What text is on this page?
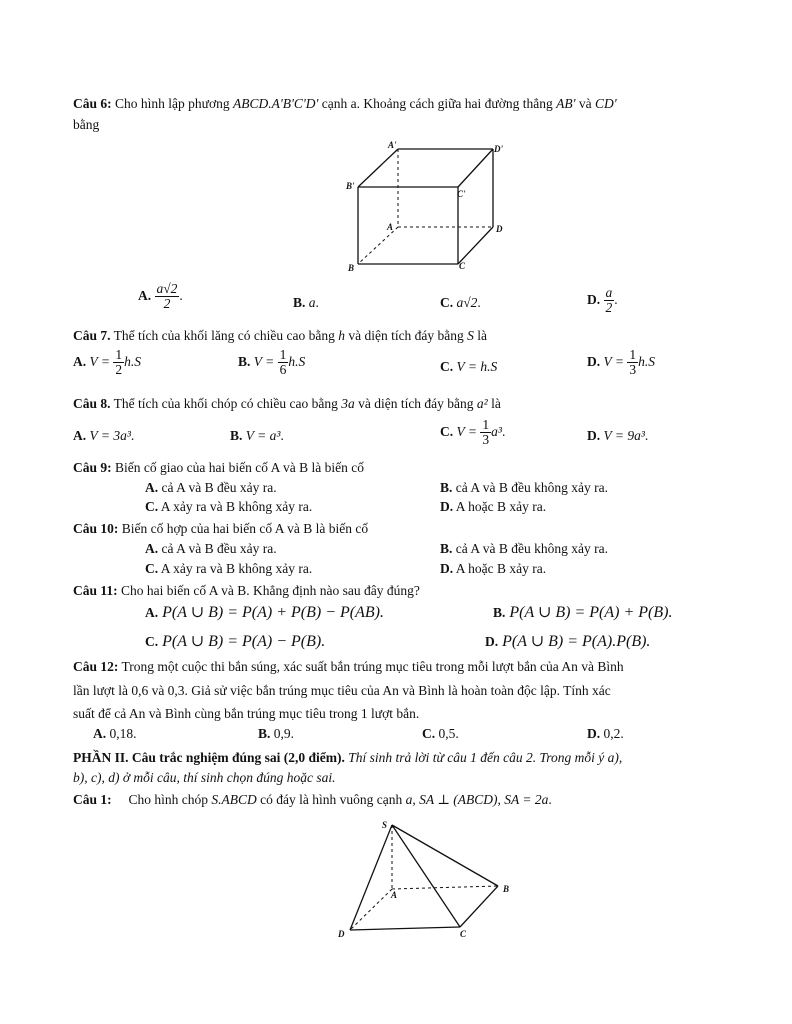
Câu 6: Cho hình lập phương ABCD.A'B'C'D' cạnh a. Khoảng cách giữa hai đường thẳng AB' và CD'
bằng
A'	D'
B'
C'
A	D
B	C
A. $\frac{a√2}{2}$ .	B. a.	C. a√2.	D. $\frac{a}{2}$ .
Câu 7. Thể tích của khối lăng có chiều cao bằng h và diện tích đáy bằng S là
A. $V = \frac{1}{2} h.S$	B. $V = \frac{1}{6} h.S$	C. V = h.S	D. $V = \frac{1}{3} h.S$
Câu 8. Thể tích của khối chóp có chiều cao bằng 3a và diện tích đáy bằng a² là
A. V = 3a³.	B. V = a³.	C. $V = \frac{1}{3} a^3$.	D. V = 9a³.
Câu 9: Biến cố giao của hai biến cố A và B là biến cố
A. cả A và B đều xảy ra.	B. cả A và B đều không xảy ra.
C. A xảy ra và B không xảy ra.	D. A hoặc B xảy ra.
Câu 10: Biến cố hợp của hai biến cố A và B là biến cố
A. cả A và B đều xảy ra.	B. cả A và B đều không xảy ra.
C. A xảy ra và B không xảy ra.	D. A hoặc B xảy ra.
Câu 11: Cho hai biến cố A và B. Khẳng định nào sau đây đúng?
A. P(A ∪ B) = P(A) + P(B) − P(AB).	B. P(A ∪ B) = P(A) + P(B).
C. P(A ∪ B) = P(A) − P(B).	D. P(A ∪ B) = P(A).P(B).
Câu 12: Trong một cuộc thi bắn súng, xác suất bắn trúng mục tiêu trong mỗi lượt bắn của An và Bình
lần lượt là 0,6 và 0,3. Giả sử việc bắn trúng mục tiêu của An và Bình là hoàn toàn độc lập. Tính xác
suất để cả An và Bình cùng bắn trúng mục tiêu trong 1 lượt bắn.
A. 0,18.	B. 0,9.	C. 0,5.	D. 0,2.
PHẦN II. Câu trắc nghiệm đúng sai (2,0 điểm). Thí sinh trả lời từ câu 1 đến câu 2. Trong mỗi ý a),
b), c), d) ở mỗi câu, thí sinh chọn đúng hoặc sai.
Câu 1: Cho hình chóp S.ABCD có đáy là hình vuông cạnh a, SA ⊥ (ABCD), SA = 2a.
S
A
B
C
D
